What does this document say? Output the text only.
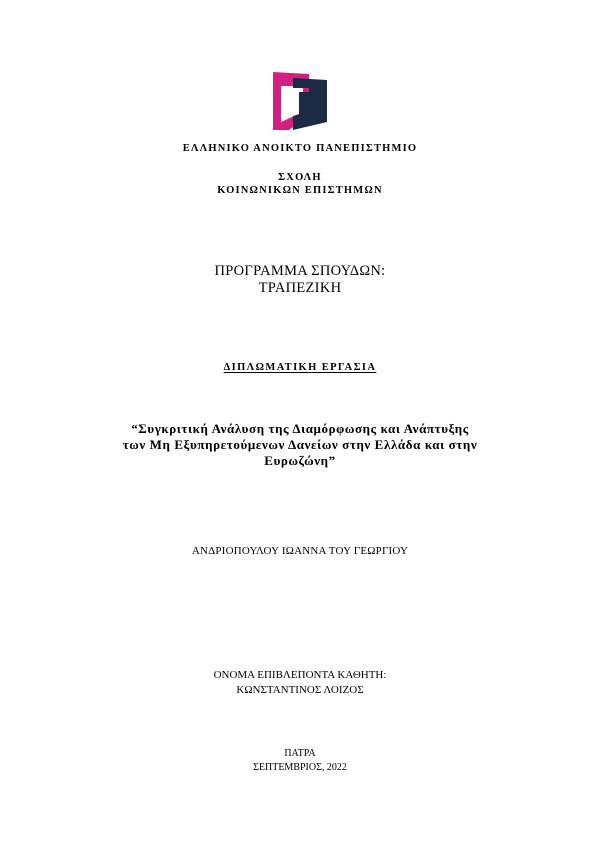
ΕΛΛΗΝΙΚΟ ΑΝΟΙΚΤΟ ΠΑΝΕΠΙΣΤΗΜΙΟ
ΣΧΟΛΗ
ΚΟΙΝΩΝΙΚΩΝ ΕΠΙΣΤΗΜΩΝ
ΠΡΟΓΡΑΜΜΑ ΣΠΟΥΔΩΝ:
ΤΡΑΠΕΖΙΚΗ
ΔΙΠΛΩΜΑΤΙΚΗ ΕΡΓΑΣΙΑ
“Συγκριτική Ανάλυση της Διαμόρφωσης και Ανάπτυξης
των Μη Εξυπηρετούμενων Δανείων στην Ελλάδα και στην
Ευρωζώνη”
ΑΝΔΡΙΟΠΟΥΛΟΥ ΙΩΑΝΝΑ ΤΟΥ ΓΕΩΡΓΙΟΥ
ΟΝΟΜΑ ΕΠΙΒΛΕΠΟΝΤΑ ΚΑΘΗΤΗ:
ΚΩΝΣΤΑΝΤΙΝΟΣ ΛΟΙΖΟΣ
ΠΑΤΡΑ
ΣΕΠΤΕΜΒΡΙΟΣ, 2022
